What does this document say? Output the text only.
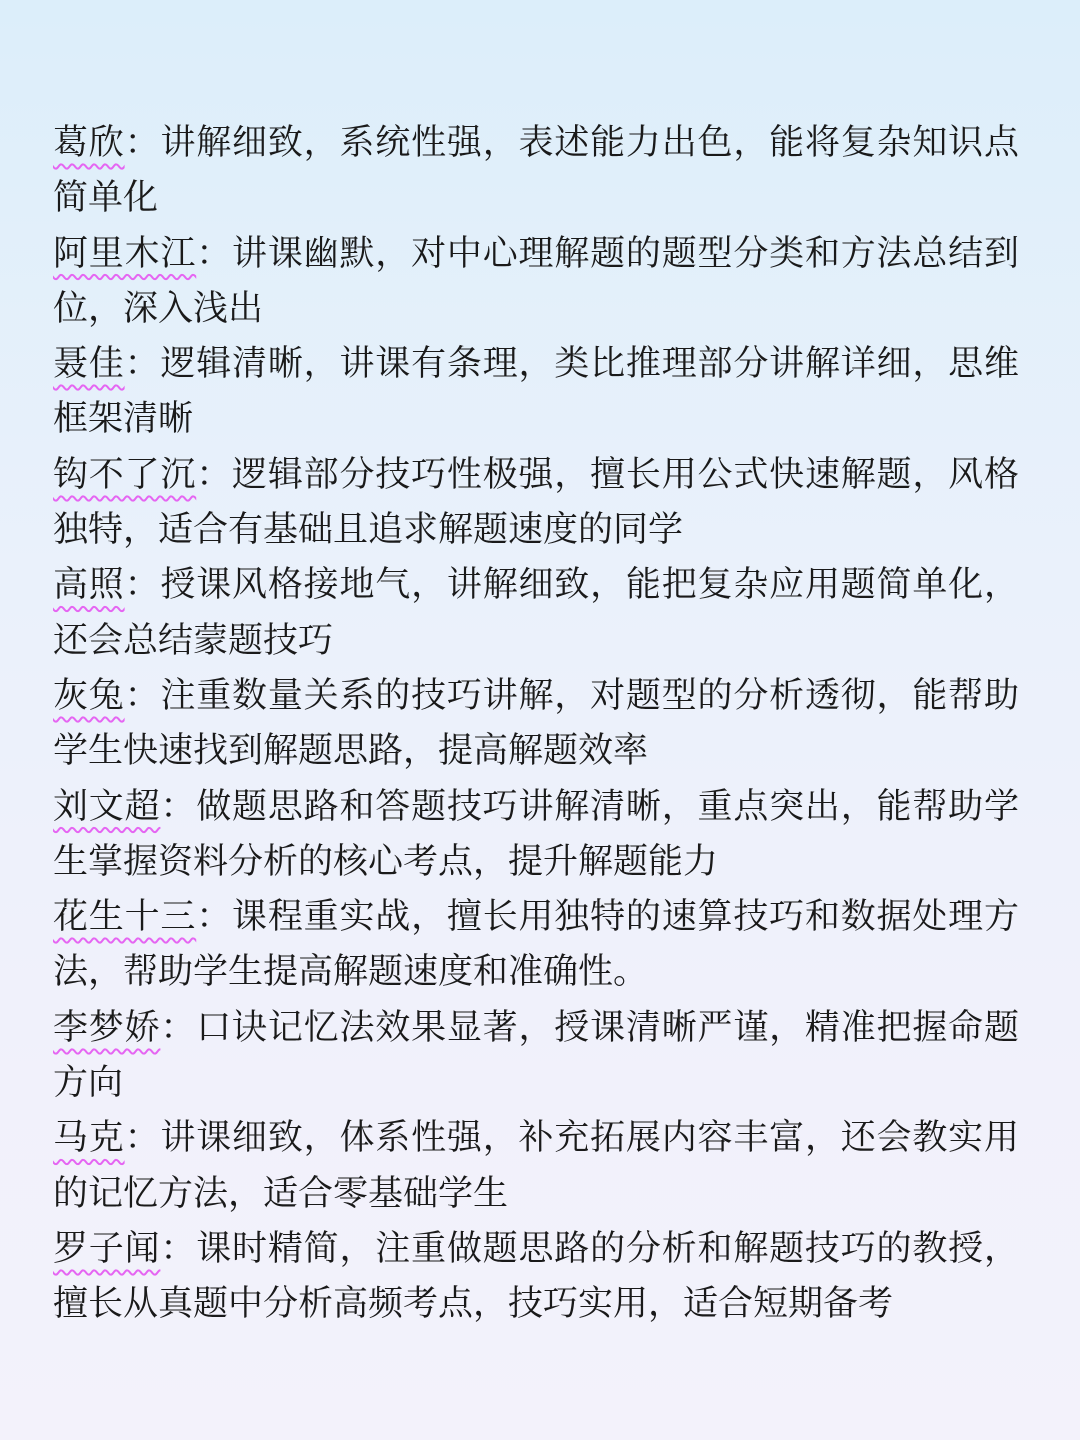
葛欣：讲解细致，系统性强，表述能力出色，能将复杂知识点简单化
阿里木江：讲课幽默，对中心理解题的题型分类和方法总结到位，深入浅出
聂佳：逻辑清晰，讲课有条理，类比推理部分讲解详细，思维框架清晰
钩不了沉：逻辑部分技巧性极强，擅长用公式快速解题，风格独特，适合有基础且追求解题速度的同学
高照：授课风格接地气，讲解细致，能把复杂应用题简单化，还会总结蒙题技巧
灰兔：注重数量关系的技巧讲解，对题型的分析透彻，能帮助学生快速找到解题思路，提高解题效率
刘文超：做题思路和答题技巧讲解清晰，重点突出，能帮助学生掌握资料分析的核心考点，提升解题能力
花生十三：课程重实战，擅长用独特的速算技巧和数据处理方法，帮助学生提高解题速度和准确性。
李梦娇：口诀记忆法效果显著，授课清晰严谨，精准把握命题方向
马克：讲课细致，体系性强，补充拓展内容丰富，还会教实用的记忆方法，适合零基础学生
罗子闻：课时精简，注重做题思路的分析和解题技巧的教授，擅长从真题中分析高频考点，技巧实用，适合短期备考
